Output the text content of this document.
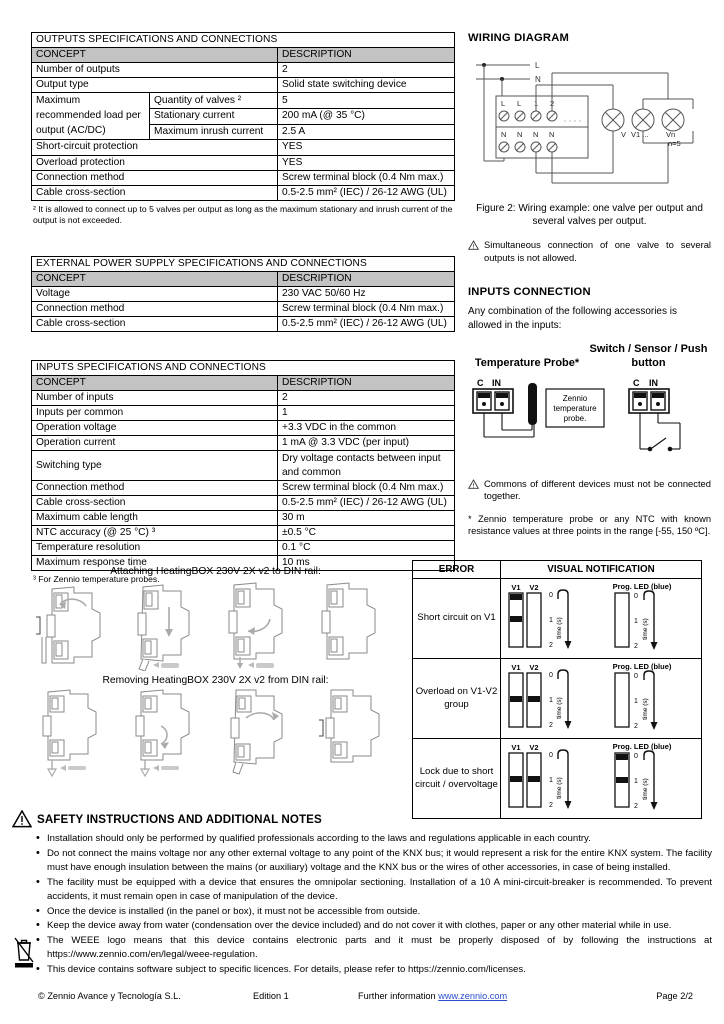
OUTPUTS SPECIFICATIONS AND CONNECTIONS		
CONCEPT		DESCRIPTION
Number of outputs		2
Output type		Solid state switching device
Maximum recommended load per output (AC/DC)	Quantity of valves ²	5
	Stationary current	200 mA (@ 35 °C)
	Maximum inrush current	2.5 A
Short-circuit protection		YES
Overload protection		YES
Connection method		Screw terminal block (0.4 Nm max.)
Cable cross-section		0.5-2.5 mm² (IEC) / 26-12 AWG (UL)
² It is allowed to connect up to 5 valves per output as long as the maximum stationary and inrush current of the output is not exceeded.
EXTERNAL POWER SUPPLY SPECIFICATIONS AND CONNECTIONS	
CONCEPT	DESCRIPTION
Voltage	230 VAC 50/60 Hz
Connection method	Screw terminal block (0.4 Nm max.)
Cable cross-section	0.5-2.5 mm² (IEC) / 26-12 AWG (UL)
INPUTS SPECIFICATIONS AND CONNECTIONS	
CONCEPT	DESCRIPTION
Number of inputs	2
Inputs per common	1
Operation voltage	+3.3 VDC in the common
Operation current	1 mA @ 3.3 VDC (per input)
Switching type	Dry voltage contacts between input and common
Connection method	Screw terminal block (0.4 Nm max.)
Cable cross-section	0.5-2.5 mm² (IEC) / 26-12 AWG (UL)
Maximum cable length	30 m
NTC accuracy (@ 25 °C) ³	±0.5 °C
Temperature resolution	0.1 °C
Maximum response time	10 ms
³ For Zennio temperature probes.
WIRING DIAGRAM
L
N
L L 1 2
N N N N	V V1 ... Vn
n=5
Figure 2: Wiring example: one valve per output and several valves per output.
Simultaneous connection of one valve to several outputs is not allowed.
INPUTS CONNECTION

Any combination of the following accessories is allowed in the inputs:

Temperature Probe*
Switch / Sensor / Push button
C IN
Zennio
temperature
probe.
C IN
Commons of different devices must not be connected together.
* Zennio temperature probe or any NTC with known resistance values at three points in the range [-55, 150 ºC].
Attaching HeatingBOX 230V 2X v2 to DIN rail:
Removing HeatingBOX 230V 2X v2 from DIN rail:
ERROR	VISUAL NOTIFICATION
Short circuit on V1	
V1 V2
0
1
2
time (s)
Prog. LED (blue)
0
1
2
time (s)

Overload on V1-V2 group	
V1 V2
0
1
2
time (s)
Prog. LED (blue)
0
1
2
time (s)

Lock due to short circuit / overvoltage	
V1 V2
0
1
2
time (s)
Prog. LED (blue)
0
1
2
time (s)
SAFETY INSTRUCTIONS AND ADDITIONAL NOTES
• Installation should only be performed by qualified professionals according to the laws and regulations applicable in each country.
• Do not connect the mains voltage nor any other external voltage to any point of the KNX bus; it would represent a risk for the entire KNX system. The facility must have enough insulation between the mains (or auxiliary) voltage and the KNX bus or the wires of other accessories, in case of being installed.
• The facility must be equipped with a device that ensures the omnipolar sectioning. Installation of a 10 A mini-circuit-breaker is recommended. To prevent accidents, it must remain open in case of manipulation of the device.
• Once the device is installed (in the panel or box), it must not be accessible from outside.
• Keep the device away from water (condensation over the device included) and do not cover it with clothes, paper or any other material while in use.
• The WEEE logo means that this device contains electronic parts and it must be properly disposed of by following the instructions at https://www.zennio.com/en/legal/weee-regulation.
• This device contains software subject to specific licences. For details, please refer to https://zennio.com/licenses.
© Zennio Avance y Tecnología S.L.	Edition 1	Further information www.zennio.com	Page 2/2
